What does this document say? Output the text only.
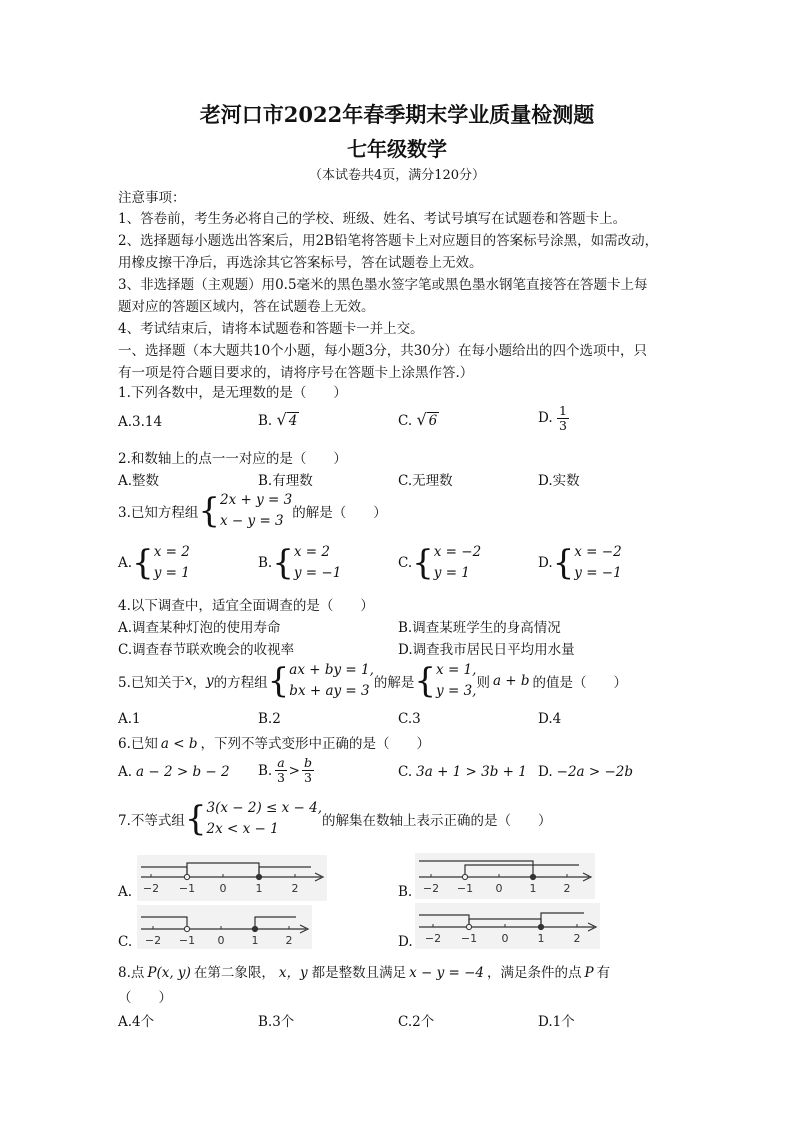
老河口市2022年春季期末学业质量检测题
七年级数学
（本试卷共4页，满分120分）
注意事项：
1、答卷前，考生务必将自己的学校、班级、姓名、考试号填写在试题卷和答题卡上。
2、选择题每小题选出答案后，用2B铅笔将答题卡上对应题目的答案标号涂黑，如需改动，
用橡皮擦干净后，再选涂其它答案标号，答在试题卷上无效。
3、非选择题（主观题）用0.5毫米的黑色墨水签字笔或黑色墨水钢笔直接答在答题卡上每
题对应的答题区域内，答在试题卷上无效。
4、考试结束后，请将本试题卷和答题卡一并上交。
一、选择题（本大题共10个小题，每小题3分，共30分）在每小题给出的四个选项中，只
有一项是符合题目要求的，请将序号在答题卡上涂黑作答.）
1.下列各数中，是无理数的是（　　）
A.3.14	B. √ 4	C. √ 6	D. $\frac{1}{3}$
2.和数轴上的点一一对应的是（　　）
A.整数	B.有理数	C.无理数	D.实数
3.已知方程组 { 2x + y = 3
x − y = 3 的解是（　　）
A. { x = 2
y = 1
B. { x = 2
y = −1
C. { x = −2
y = 1
D. { x = −2
y = −1
4.以下调查中，适宜全面调查的是（　　）
A.调查某种灯泡的使用寿命	B.调查某班学生的身高情况
C.调查春节联欢晚会的收视率	D.调查我市居民日平均用水量
5.已知关于 x ， y 的方程组 { ax + by = 1,
bx + ay = 3 的解是 { x = 1,
y = 3, 则 a + b 的值是（　　）
A.1	B.2	C.3	D.4
6.已知 a < b ，下列不等式变形中正确的是（　　）
A. a − 2 > b − 2 B. $\frac{a}{3} > \frac{b}{3}$	C. 3a + 1 > 3b + 1 D. −2a > −2b
7.不等式组 { 3(x − 2) ≤ x − 4,
2x < x − 1	的解集在数轴上表示正确的是（　　）
A. −2 −1 0	1	2	B. −2 −1 0 1 2
C. −2 −1 0 1 2	D. −2 −1 0	1	2
8.点 P(x, y) 在第二象限， x，y 都是整数且满足 x − y = −4 ，满足条件的点 P 有
（　　）
A.4个	B.3个	C.2个	D.1个
